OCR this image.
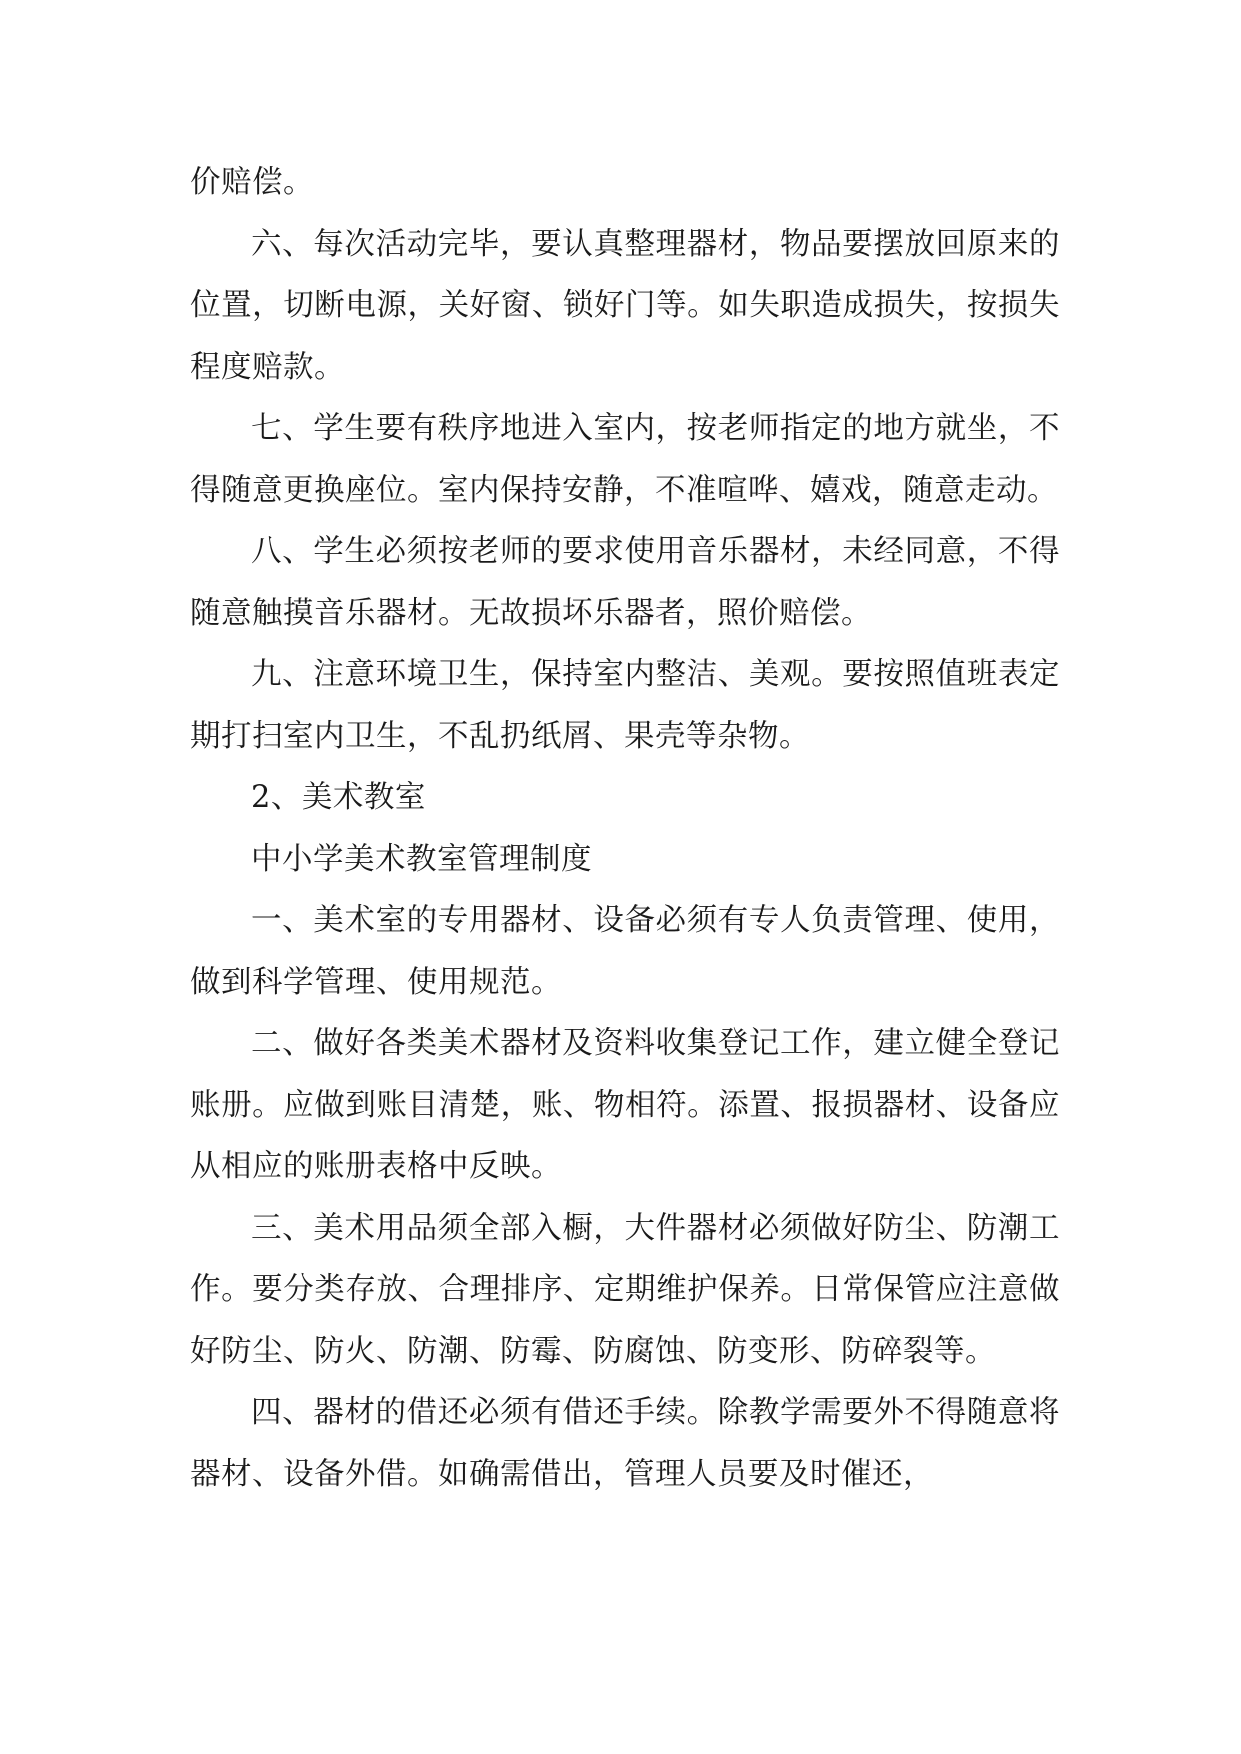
价赔偿。

六、每次活动完毕，要认真整理器材，物品要摆放回原来的位置，切断电源，关好窗、锁好门等。如失职造成损失，按损失程度赔款。

七、学生要有秩序地进入室内，按老师指定的地方就坐，不得随意更换座位。室内保持安静，不准喧哗、嬉戏，随意走动。

八、学生必须按老师的要求使用音乐器材，未经同意，不得随意触摸音乐器材。无故损坏乐器者，照价赔偿。

九、注意环境卫生，保持室内整洁、美观。要按照值班表定期打扫室内卫生，不乱扔纸屑、果壳等杂物。

2、美术教室

中小学美术教室管理制度

一、美术室的专用器材、设备必须有专人负责管理、使用，做到科学管理、使用规范。

二、做好各类美术器材及资料收集登记工作，建立健全登记账册。应做到账目清楚，账、物相符。添置、报损器材、设备应从相应的账册表格中反映。

三、美术用品须全部入橱，大件器材必须做好防尘、防潮工作。要分类存放、合理排序、定期维护保养。日常保管应注意做好防尘、防火、防潮、防霉、防腐蚀、防变形、防碎裂等。

四、器材的借还必须有借还手续。除教学需要外不得随意将器材、设备外借。如确需借出，管理人员要及时催还，
